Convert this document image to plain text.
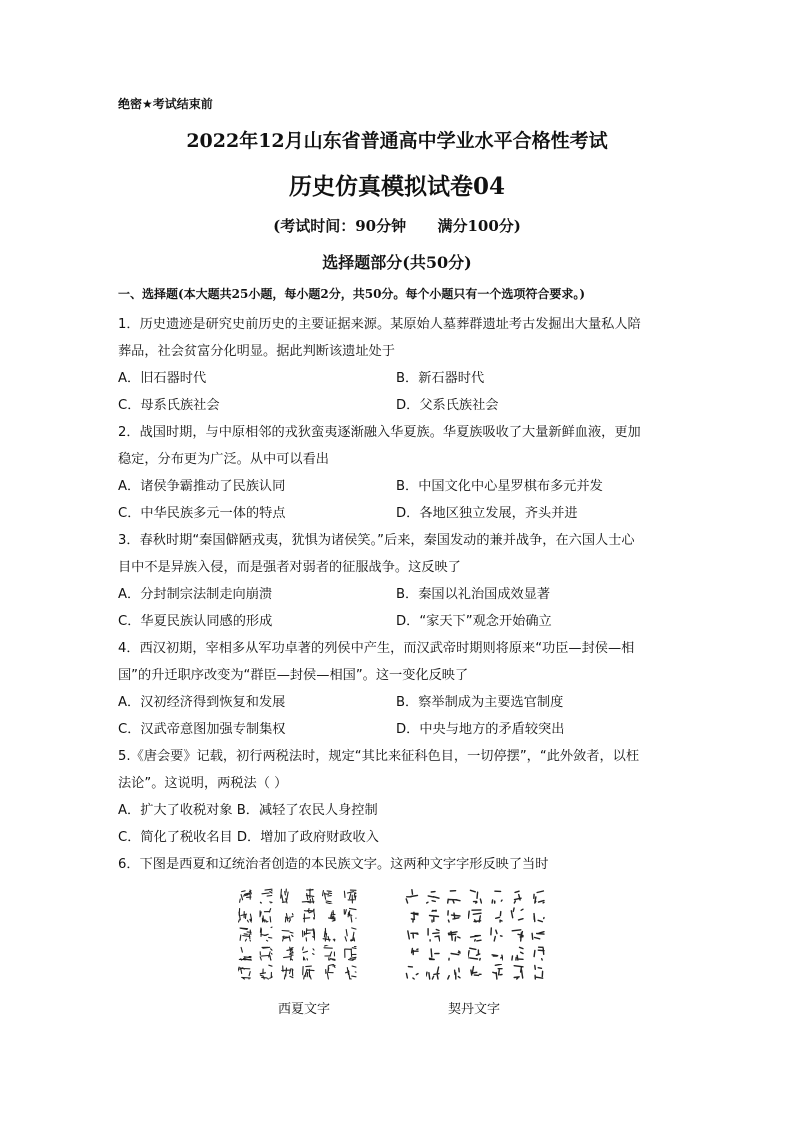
绝密★考试结束前
2022年12月山东省普通高中学业水平合格性考试
历史仿真模拟试卷04
(考试时间：90分钟      满分100分)
选择题部分(共50分)
一、选择题(本大题共25小题，每小题2分，共50分。每个小题只有一个选项符合要求。)
1．历史遗迹是研究史前历史的主要证据来源。某原始人墓葬群遗址考古发掘出大量私人陪
葬品，社会贫富分化明显。据此判断该遗址处于
A．旧石器时代	B．新石器时代
C．母系氏族社会	D．父系氏族社会
2．战国时期，与中原相邻的戎狄蛮夷逐渐融入华夏族。华夏族吸收了大量新鲜血液，更加
稳定，分布更为广泛。从中可以看出
A．诸侯争霸推动了民族认同	B．中国文化中心星罗棋布多元并发
C．中华民族多元一体的特点	D．各地区独立发展，齐头并进
3．春秋时期“秦国僻陋戎夷，犹惧为诸侯笑。”后来，秦国发动的兼并战争，在六国人士心
目中不是异族入侵，而是强者对弱者的征服战争。这反映了
A．分封制宗法制走向崩溃	B．秦国以礼治国成效显著
C．华夏民族认同感的形成	D．“家天下”观念开始确立
4．西汉初期，宰相多从军功卓著的列侯中产生，而汉武帝时期则将原来“功臣—封侯—相
国”的升迁职序改变为“群臣—封侯—相国”。这一变化反映了
A．汉初经济得到恢复和发展	B．察举制成为主要选官制度
C．汉武帝意图加强专制集权	D．中央与地方的矛盾较突出
5.《唐会要》记载，初行两税法时，规定“其比来征科色目，一切停摆”，“此外敛者，以枉
法论”。这说明，两税法（ ）
A．扩大了收税对象 B．减轻了农民人身控制
C．简化了税收名目 D．增加了政府财政收入
6．下图是西夏和辽统治者创造的本民族文字。这两种文字字形反映了当时
西夏文字	契丹文字
